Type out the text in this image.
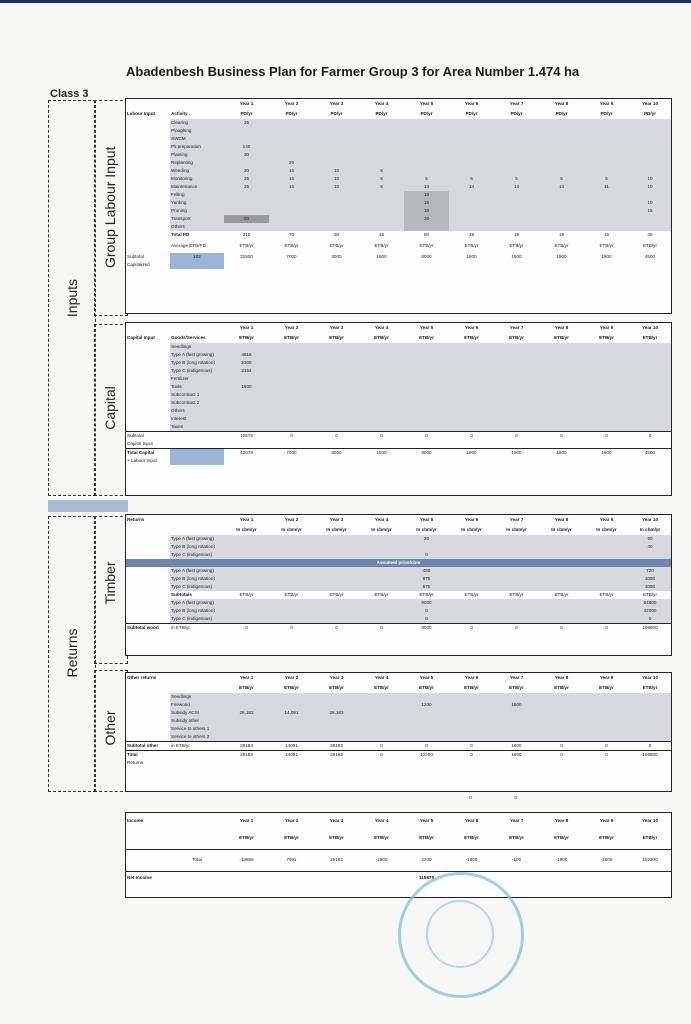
Abadenbesh Business Plan for Farmer Group 3 for Area Number 1.474 ha
Class 3
Inputs
Group Labour Input
Capital
Returns
Timber
Other
		Year 1	Year 2	Year 3	Year 4	Year 5	Year 6	Year 7	Year 8	Year 9	Year 10
Labour Input	Activity	PD/yr	PD/yr	PD/yr	PD/yr	PD/yr	PD/yr	PD/yr	PD/yr	PD/yr	PD/yr
	Clearing	25									
	Ploughing										
	SWCM										
	Pit preparation	140									
	Planting	30									
	Replanting		25								
	Weeding	20	15	10	5						
	Monitoring	25	15	10	5	5	5	5	5	5	10
	Maintenance	25	15	10	5	14	14	14	14	11	10
	Felling					18					
	Yarding					15					10
	Pruning					10					15
	Transport	50				20					
	Others										
	Total PD	315	70	30	15	80	19	19	19	16	45
	Average ETB/PD	ETB/yr	ETB/yr	ETB/yr	ETB/yr	ETB/yr	ETB/yr	ETB/yr	ETB/yr	ETB/yr	ETB/yr
Subtotal	102	31500	7000	3000	1500	8000	1900	1900	1900	1600	4500
Capitalized											
		Year 1	Year 2	Year 3	Year 4	Year 5	Year 6	Year 7	Year 8	Year 9	Year 10
Capital Input	Goods/Services	ETB/yr	ETB/yr	ETB/yr	ETB/yr	ETB/yr	ETB/yr	ETB/yr	ETB/yr	ETB/yr	ETB/yr
	Seedlings										
	Type A (fast growing)	4616									
	Type B (long rotation)	2308									
	Type C (indigenous)	2154									
	Fertilizer										
	Tools	1500									
	Subcontract 1										
	Subcontract 2										
	Others										
	Interest										
	Taxes										
Subtotal		10578	0	0	0	0	0	0	0	0	0
Capital Input											
Total Capital		42078	7000	3000	1500	8000	1900	1900	1900	1600	4500
+ Labour Input											
Returns		Year 1	Year 2	Year 3	Year 4	Year 5	Year 6	Year 7	Year 8	Year 9	Year 10
		In cbm/yr	In cbm/yr	In cbm/yr	In cbm/yr	In cbm/yr	In cbm/yr	In cbm/yr	In cbm/yr	In cbm/yr	In cbm/yr
	Type A (fast growing)					20					90
	Type B (long rotation)										40
	Type C (indigenous)					0					
Assumed price/cbm											
	Type A (fast growing)					450					720
	Type B (long rotation)					875					1050
	Type C (indigenous)					575					1050
	Subtotals	ETB/yr	ETB/yr	ETB/yr	ETB/yr	ETB/yr	ETB/yr	ETB/yr	ETB/yr	ETB/yr	ETB/yr
	Type A (fast growing)					9000					64800
	Type B (long rotation)					0					42000
	Type C (indigenous)					0					0
Subtotal wood	in ETB/yr	0	0	0	0	9000	0	0	0	0	106800
Other returns		Year 1	Year 2	Year 3	Year 4	Year 5	Year 6	Year 7	Year 8	Year 9	Year 10
		ETB/yr	ETB/yr	ETB/yr	ETB/yr	ETB/yr	ETB/yr	ETB/yr	ETB/yr	ETB/yr	ETB/yr
	Seedlings										
	Firewood					1200		1800			
	Subsidy ACSI	28,183	14,091	28,183							
	Subsidy other										
	Service to others 1										
	Service to others 2										
Subtotal other	in ETB/yr	28183	14091	28183	0	0	0	1800	0	0	0
Total		28183	14091	28183	0	10200	0	1800	0	0	106800
Returns											
							0	0			
Income		Year 1	Year 2	Year 3	Year 4	Year 5	Year 6	Year 7	Year 8	Year 9	Year 10
		ETB/yr	ETB/yr	ETB/yr	ETB/yr	ETB/yr	ETB/yr	ETB/yr	ETB/yr	ETB/yr	ETB/yr
	Total	-13895	7091	25183	-1500	2200	-1900	-100	-1900	-1600	102300
Net Income						115879					
